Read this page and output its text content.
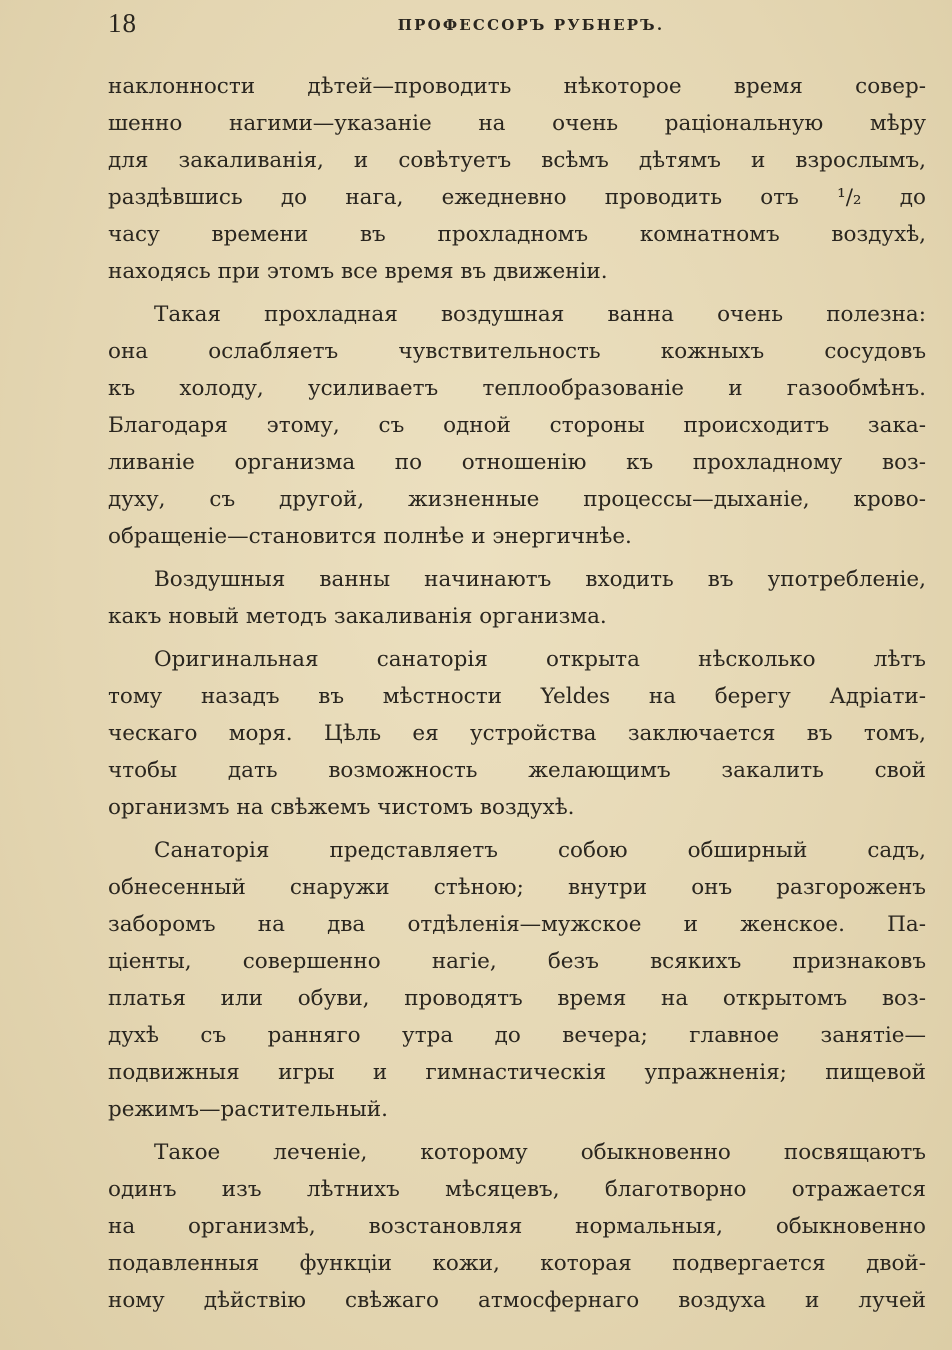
18	ПРОФЕССОРЪ РУБНЕРЪ.
наклонности дѣтей—проводить нѣкоторое время совер-
шенно нагими—указаніе на очень раціональную мѣру
для закаливанія, и совѣтуетъ всѣмъ дѣтямъ и взрослымъ,
раздѣвшись до нага, ежедневно проводить отъ ¹/₂ до
часу времени въ прохладномъ комнатномъ воздухѣ,
находясь при этомъ все время въ движеніи.
Такая прохладная воздушная ванна очень полезна:
она ослабляетъ чувствительность кожныхъ сосудовъ
къ холоду, усиливаетъ теплообразованіе и газообмѣнъ.
Благодаря этому, съ одной стороны происходитъ зака-
ливаніе организма по отношенію къ прохладному воз-
духу, съ другой, жизненные процессы—дыханіе, крово-
обращеніе—становится полнѣе и энергичнѣе.
Воздушныя ванны начинаютъ входить въ употребленіе,
какъ новый методъ закаливанія организма.
Оригинальная санаторія открыта нѣсколько лѣтъ
тому назадъ въ мѣстности Yeldes на берегу Адріати-
ческаго моря. Цѣль ея устройства заключается въ томъ,
чтобы дать возможность желающимъ закалить свой
организмъ на свѣжемъ чистомъ воздухѣ.
Санаторія представляетъ собою обширный садъ,
обнесенный снаружи стѣною; внутри онъ разгороженъ
заборомъ на два отдѣленія—мужское и женское. Па-
ціенты, совершенно нагіе, безъ всякихъ признаковъ
платья или обуви, проводятъ время на открытомъ воз-
духѣ съ ранняго утра до вечера; главное занятіе—
подвижныя игры и гимнастическія упражненія; пищевой
режимъ—растительный.
Такое леченіе, которому обыкновенно посвящаютъ
одинъ изъ лѣтнихъ мѣсяцевъ, благотворно отражается
на организмѣ, возстановляя нормальныя, обыкновенно
подавленныя функціи кожи, которая подвергается двой-
ному дѣйствію свѣжаго атмосфернаго воздуха и лучей
